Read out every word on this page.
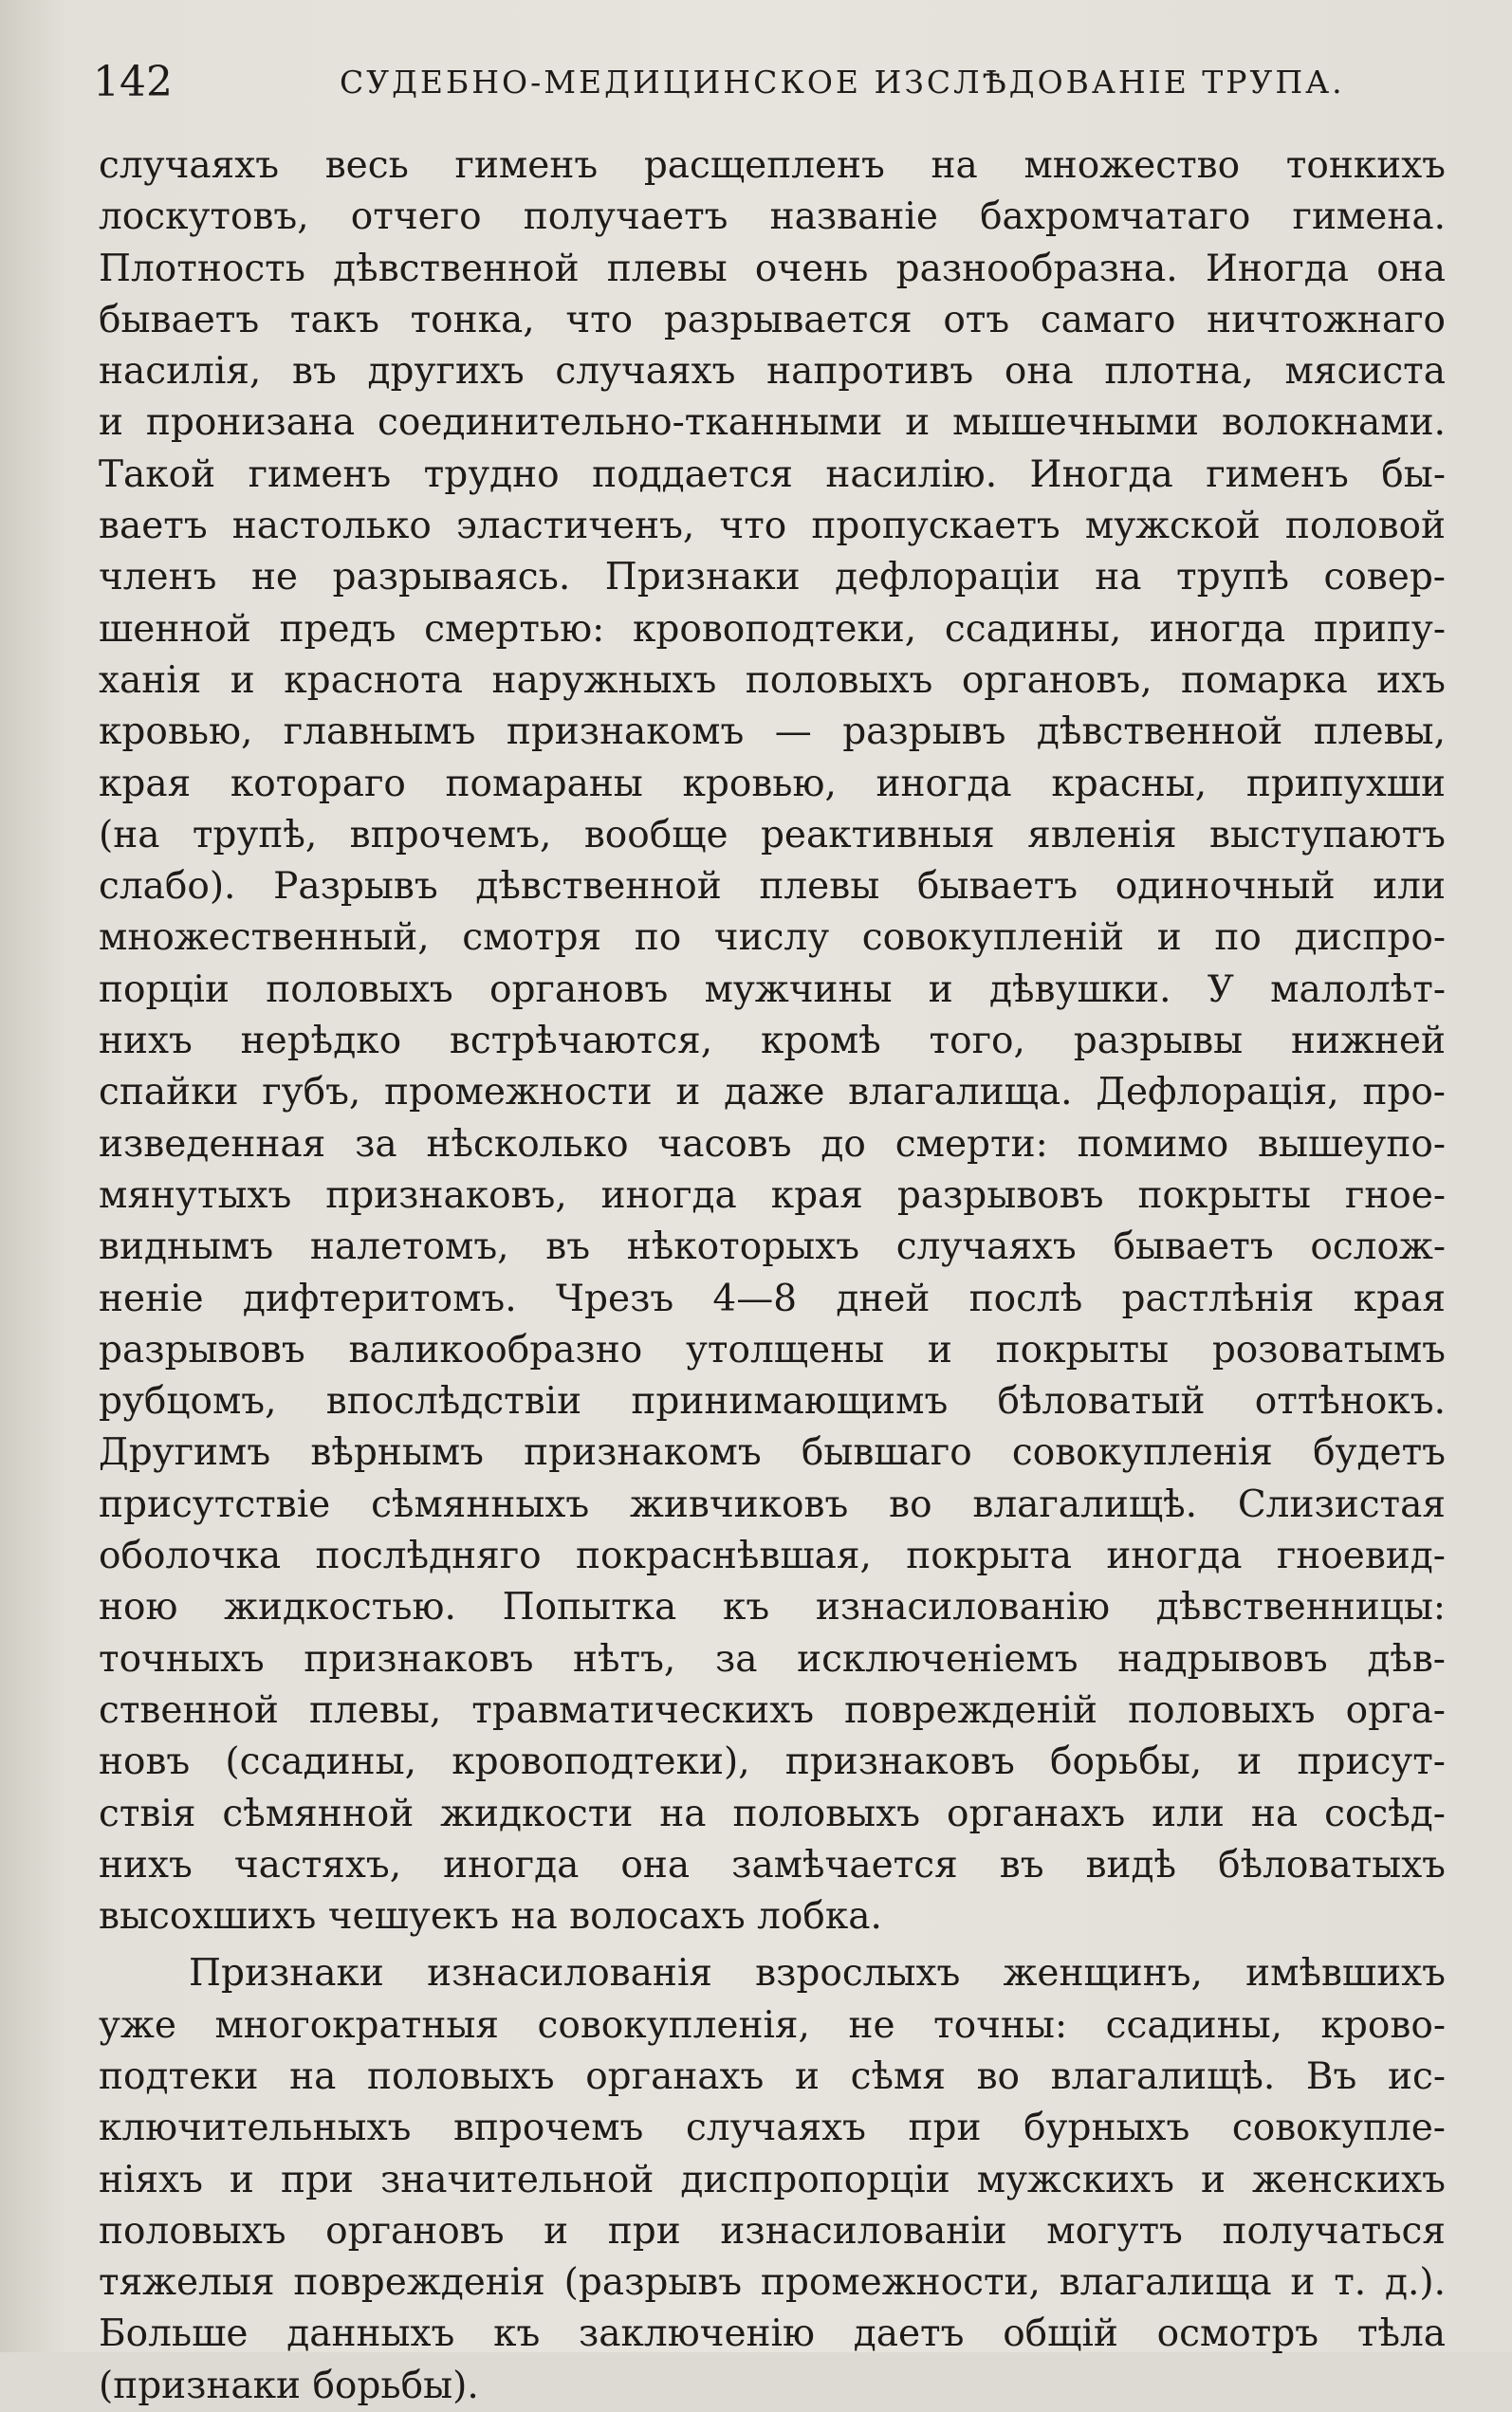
142	СУДЕБНО-МЕДИЦИНСКОЕ ИЗСЛѢДОВАНІЕ ТРУПА.
случаяхъ весь гименъ расщепленъ на множество тонкихъ
лоскутовъ, отчего получаетъ названіе бахромчатаго гимена.
Плотность дѣвственной плевы очень разнообразна. Иногда она
бываетъ такъ тонка, что разрывается отъ самаго ничтожнаго
насилія, въ другихъ случаяхъ напротивъ она плотна, мясиста
и пронизана соединительно-тканными и мышечными волокнами.
Такой гименъ трудно поддается насилію. Иногда гименъ бы-
ваетъ настолько эластиченъ, что пропускаетъ мужской половой
членъ не разрываясь. Признаки дефлораціи на трупѣ совер-
шенной предъ смертью: кровоподтеки, ссадины, иногда припу-
ханія и краснота наружныхъ половыхъ органовъ, помарка ихъ
кровью, главнымъ признакомъ — разрывъ дѣвственной плевы,
края котораго помараны кровью, иногда красны, припухши
(на трупѣ, впрочемъ, вообще реактивныя явленія выступаютъ
слабо). Разрывъ дѣвственной плевы бываетъ одиночный или
множественный, смотря по числу совокупленій и по диспро-
порціи половыхъ органовъ мужчины и дѣвушки. У малолѣт-
нихъ нерѣдко встрѣчаются, кромѣ того, разрывы нижней
спайки губъ, промежности и даже влагалища. Дефлорація, про-
изведенная за нѣсколько часовъ до смерти: помимо вышеупо-
мянутыхъ признаковъ, иногда края разрывовъ покрыты гное-
виднымъ налетомъ, въ нѣкоторыхъ случаяхъ бываетъ ослож-
неніе дифтеритомъ. Чрезъ 4—8 дней послѣ растлѣнія края
разрывовъ валикообразно утолщены и покрыты розоватымъ
рубцомъ, впослѣдствіи принимающимъ бѣловатый оттѣнокъ.
Другимъ вѣрнымъ признакомъ бывшаго совокупленія будетъ
присутствіе сѣмянныхъ живчиковъ во влагалищѣ. Слизистая
оболочка послѣдняго покраснѣвшая, покрыта иногда гноевид-
ною жидкостью. Попытка къ изнасилованію дѣвственницы:
точныхъ признаковъ нѣтъ, за исключеніемъ надрывовъ дѣв-
ственной плевы, травматическихъ поврежденій половыхъ орга-
новъ (ссадины, кровоподтеки), признаковъ борьбы, и присут-
ствія сѣмянной жидкости на половыхъ органахъ или на сосѣд-
нихъ частяхъ, иногда она замѣчается въ видѣ бѣловатыхъ
высохшихъ чешуекъ на волосахъ лобка.
Признаки изнасилованія взрослыхъ женщинъ, имѣвшихъ
уже многократныя совокупленія, не точны: ссадины, крово-
подтеки на половыхъ органахъ и сѣмя во влагалищѣ. Въ ис-
ключительныхъ впрочемъ случаяхъ при бурныхъ совокупле-
ніяхъ и при значительной диспропорціи мужскихъ и женскихъ
половыхъ органовъ и при изнасилованіи могутъ получаться
тяжелыя поврежденія (разрывъ промежности, влагалища и т. д.).
Больше данныхъ къ заключенію даетъ общій осмотръ тѣла
(признаки борьбы).
